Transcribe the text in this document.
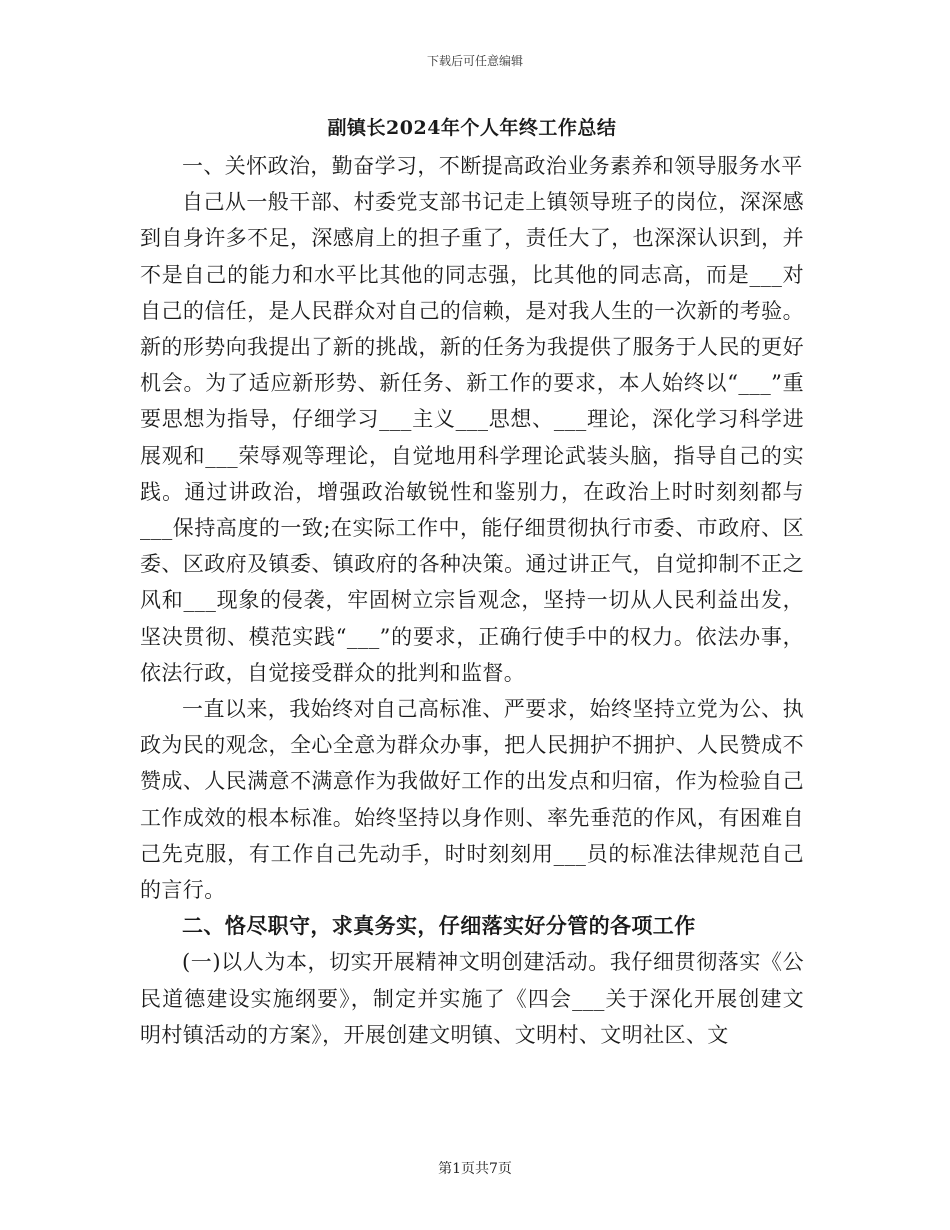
下载后可任意编辑
副镇长2024年个人年终工作总结

一、关怀政治，勤奋学习，不断提高政治业务素养和领导服务水平

自己从一般干部、村委党支部书记走上镇领导班子的岗位，深深感到自身许多不足，深感肩上的担子重了，责任大了，也深深认识到，并不是自己的能力和水平比其他的同志强，比其他的同志高，而是___对自己的信任，是人民群众对自己的信赖，是对我人生的一次新的考验。新的形势向我提出了新的挑战，新的任务为我提供了服务于人民的更好机会。为了适应新形势、新任务、新工作的要求，本人始终以“___”重要思想为指导，仔细学习___主义___思想、___理论，深化学习科学进展观和___荣辱观等理论，自觉地用科学理论武装头脑，指导自己的实践。通过讲政治，增强政治敏锐性和鉴别力，在政治上时时刻刻都与___保持高度的一致;在实际工作中，能仔细贯彻执行市委、市政府、区委、区政府及镇委、镇政府的各种决策。通过讲正气，自觉抑制不正之风和___现象的侵袭，牢固树立宗旨观念，坚持一切从人民利益出发，坚决贯彻、模范实践“___”的要求，正确行使手中的权力。依法办事，依法行政，自觉接受群众的批判和监督。

一直以来，我始终对自己高标准、严要求，始终坚持立党为公、执政为民的观念，全心全意为群众办事，把人民拥护不拥护、人民赞成不赞成、人民满意不满意作为我做好工作的出发点和归宿，作为检验自己工作成效的根本标准。始终坚持以身作则、率先垂范的作风，有困难自己先克服，有工作自己先动手，时时刻刻用___员的标准法律规范自己的言行。

二、恪尽职守，求真务实，仔细落实好分管的各项工作

(一)以人为本，切实开展精神文明创建活动。我仔细贯彻落实《公民道德建设实施纲要》，制定并实施了《四会___关于深化开展创建文明村镇活动的方案》，开展创建文明镇、文明村、文明社区、文

第1页共7页
